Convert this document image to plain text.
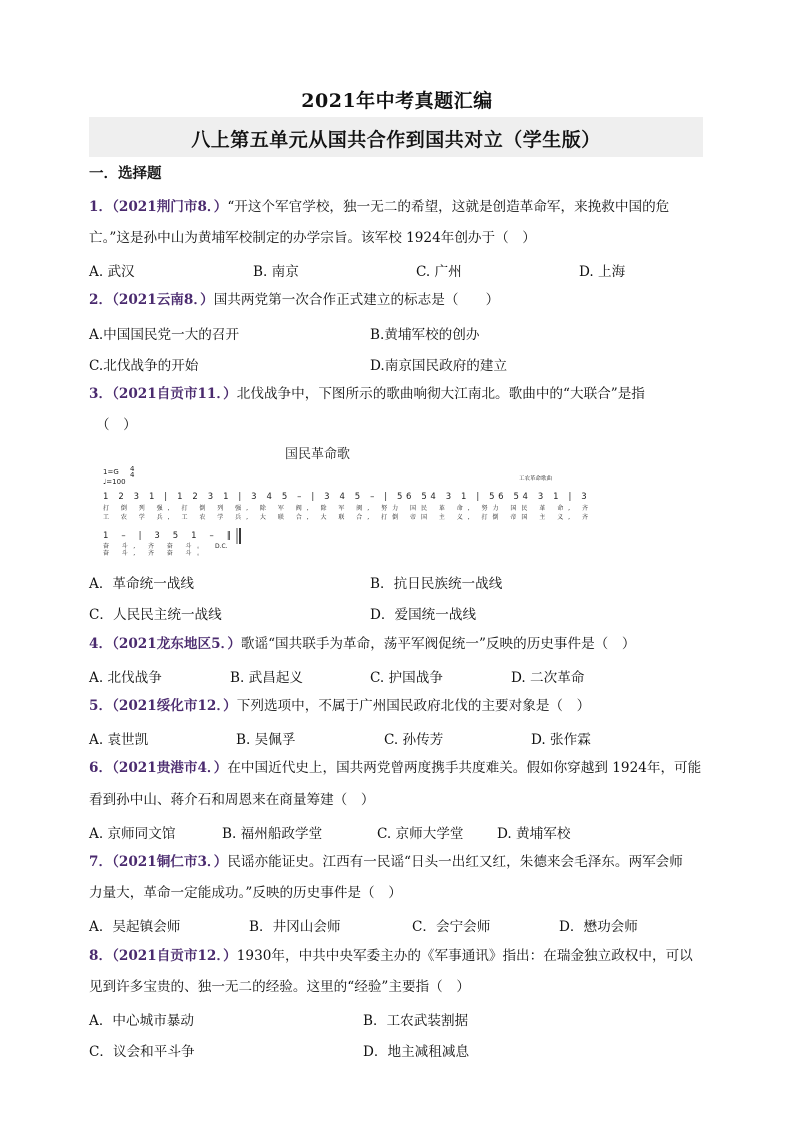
2021年中考真题汇编
八上第五单元从国共合作到国共对立（学生版）
一．选择题
1．（2021荆门市8．）“开这个军官学校，独一无二的希望，这就是创造革命军，来挽救中国的危
亡。”这是孙中山为黄埔军校制定的办学宗旨。该军校 1924年创办于（　）
A. 武汉	B. 南京	C. 广州	D. 上海
2．（2021云南8．）国共两党第一次合作正式建立的标志是（　　）
A.中国国民党一大的召开	B.黄埔军校的创办
C.北伐战争的开始	D.南京国民政府的建立
3．（2021自贡市11．）北伐战争中，下图所示的歌曲响彻大江南北。歌曲中的“大联合”是指
（　）
国民革命歌
1=G 4
4
♩=100	工农革命歌曲
1 2 3 1 | 1 2 3 1 | 3 4 5 – | 3 4 5 – | 56 54 3 1 | 56 54 3 1 | 3
打 倒 列 强, 打 倒 列 强, 除 军 阀, 除 军 阀, 努力 国民 革 命, 努力 国民 革 命, 齐
工 农 学 兵, 工 农 学 兵, 大 联 合, 大 联 合, 打倒 帝国 主 义, 打倒 帝国 主 义, 齐
1 – | 3 5 1 – ‖
奋 斗, 齐 奋 斗。
奋 斗, 齐 奋 斗。
D.C.
A．革命统一战线	B．抗日民族统一战线
C．人民民主统一战线	D．爱国统一战线
4．（2021龙东地区5．）歌谣“国共联手为革命，荡平军阀促统一”反映的历史事件是（　）
A. 北伐战争	B. 武昌起义	C. 护国战争	D. 二次革命
5．（2021绥化市12．）下列选项中，不属于广州国民政府北伐的主要对象是（　）
A. 袁世凯	B. 吴佩孚	C. 孙传芳	D. 张作霖
6．（2021贵港市4．）在中国近代史上，国共两党曾两度携手共度难关。假如你穿越到 1924年，可能
看到孙中山、蒋介石和周恩来在商量筹建（　）
A. 京师同文馆	B. 福州船政学堂	C. 京师大学堂 D. 黄埔军校
7．（2021铜仁市3．）民谣亦能证史。江西有一民谣“日头一出红又红，朱德来会毛泽东。两军会师
力量大，革命一定能成功。”反映的历史事件是（　）
A．吴起镇会师	B．井冈山会师	C．会宁会师	D．懋功会师
8．（2021自贡市12．）1930年，中共中央军委主办的《军事通讯》指出：在瑞金独立政权中，可以
见到许多宝贵的、独一无二的经验。这里的“经验”主要指（　）
A．中心城市暴动	B．工农武装割据
C．议会和平斗争	D．地主减租减息
